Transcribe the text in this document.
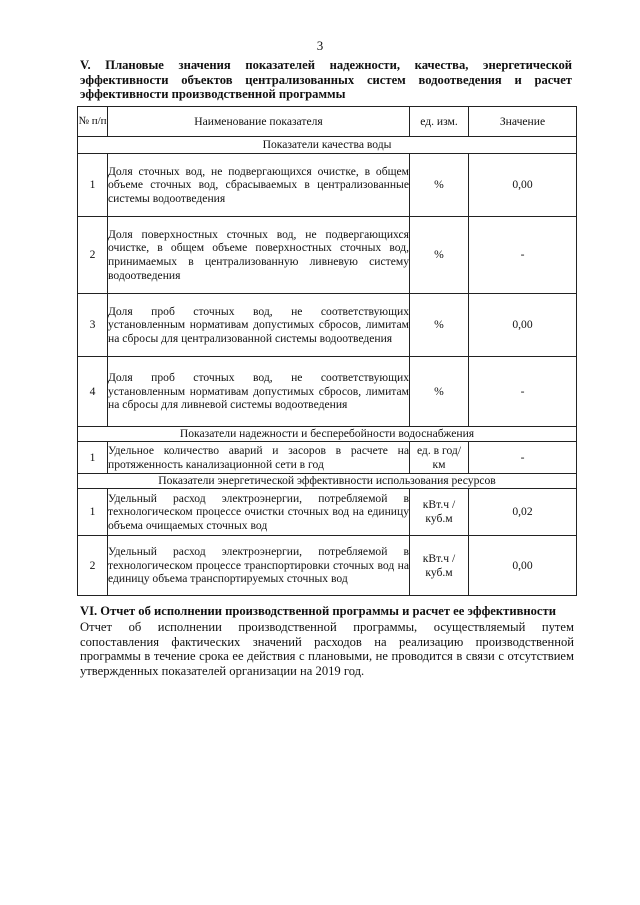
3
V. Плановые значения показателей надежности, качества, энергетической эффективности объектов централизованных систем водоотведения и расчет эффективности производственной программы
№ п/п	Наименование показателя	ед. изм.	Значение
Показатели качества воды			
1	Доля сточных вод, не подвергающихся очистке, в общем объеме сточных вод, сбрасываемых в централизованные системы водоотведения	%	0,00
2	Доля поверхностных сточных вод, не подвергающихся очистке, в общем объеме поверхностных сточных вод, принимаемых в централизованную ливневую систему водоотведения	%	-
3	Доля проб сточных вод, не соответствующих установленным нормативам допустимых сбросов, лимитам на сбросы для централизованной системы водоотведения	%	0,00
4	Доля проб сточных вод, не соответствующих установленным нормативам допустимых сбросов, лимитам на сбросы для ливневой системы водоотведения	%	-
Показатели надежности и бесперебойности водоснабжения			
1	Удельное количество аварий и засоров в расчете на протяженность канализационной сети в год	ед. в год/ км	-
Показатели энергетической эффективности использования ресурсов			
1	Удельный расход электроэнергии, потребляемой в технологическом процессе очистки сточных вод на единицу объема очищаемых сточных вод	кВт.ч / куб.м	0,02
2	Удельный расход электроэнергии, потребляемой в технологическом процессе транспортировки сточных вод на единицу объема транспортируемых сточных вод	кВт.ч / куб.м	0,00
VI. Отчет об исполнении производственной программы и расчет ее эффективности
Отчет об исполнении производственной программы, осуществляемый путем сопоставления фактических значений расходов на реализацию производственной программы в течение срока ее действия с плановыми, не проводится в связи с отсутствием утвержденных показателей организации на 2019 год.
